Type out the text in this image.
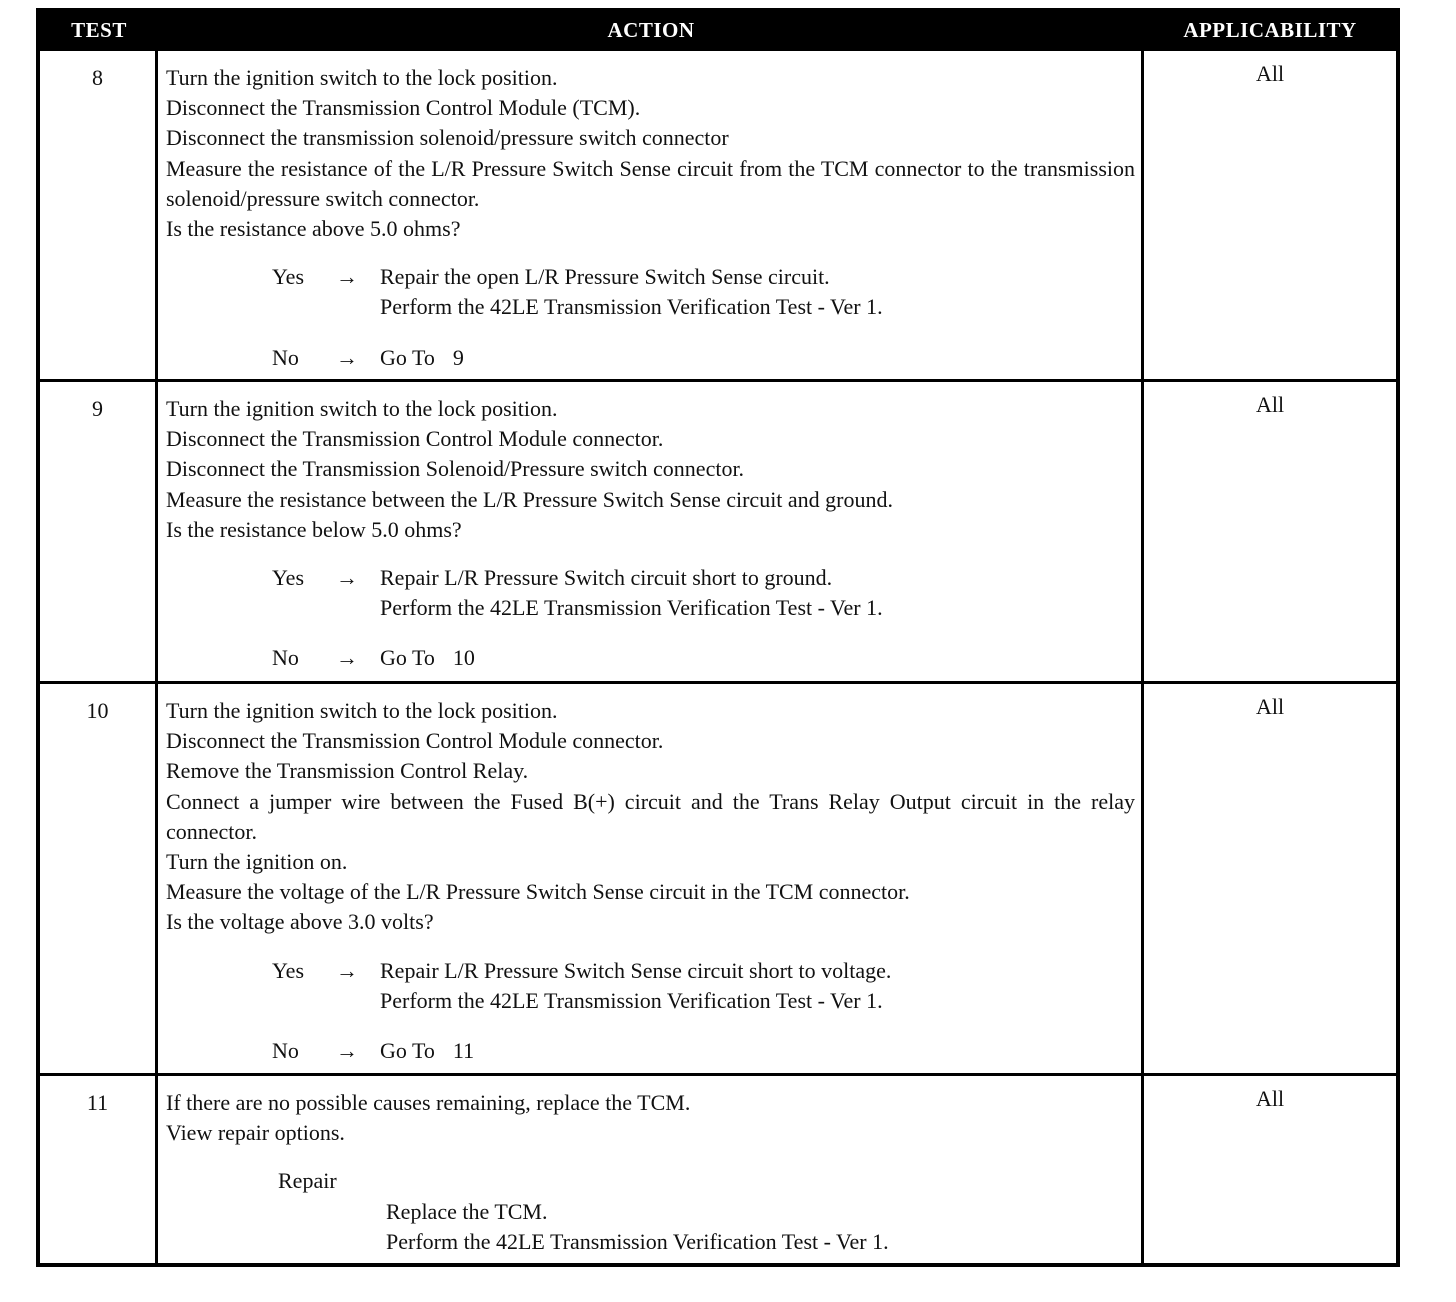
TEST	ACTION	APPLICABILITY
8	Turn the ignition switch to the lock position.
Disconnect the Transmission Control Module (TCM).
Disconnect the transmission solenoid/pressure switch connector
Measure the resistance of the L/R Pressure Switch Sense circuit from the TCM connector to the transmission solenoid/pressure switch connector.
Is the resistance above 5.0 ohms?
Yes	→	Repair the open L/R Pressure Switch Sense circuit.
Perform the 42LE Transmission Verification Test - Ver 1.
No	→	Go To 9
All
9	Turn the ignition switch to the lock position.
Disconnect the Transmission Control Module connector.
Disconnect the Transmission Solenoid/Pressure switch connector.
Measure the resistance between the L/R Pressure Switch Sense circuit and ground.
Is the resistance below 5.0 ohms?
Yes	→	Repair L/R Pressure Switch circuit short to ground.
Perform the 42LE Transmission Verification Test - Ver 1.
No	→	Go To 10
All
10	Turn the ignition switch to the lock position.
Disconnect the Transmission Control Module connector.
Remove the Transmission Control Relay.
Connect a jumper wire between the Fused B(+) circuit and the Trans Relay Output circuit in the relay connector.
Turn the ignition on.
Measure the voltage of the L/R Pressure Switch Sense circuit in the TCM connector.
Is the voltage above 3.0 volts?
Yes	→	Repair L/R Pressure Switch Sense circuit short to voltage.
Perform the 42LE Transmission Verification Test - Ver 1.
No	→	Go To 11
All
11	If there are no possible causes remaining, replace the TCM.
View repair options.
Repair
Replace the TCM.
Perform the 42LE Transmission Verification Test - Ver 1.
All
